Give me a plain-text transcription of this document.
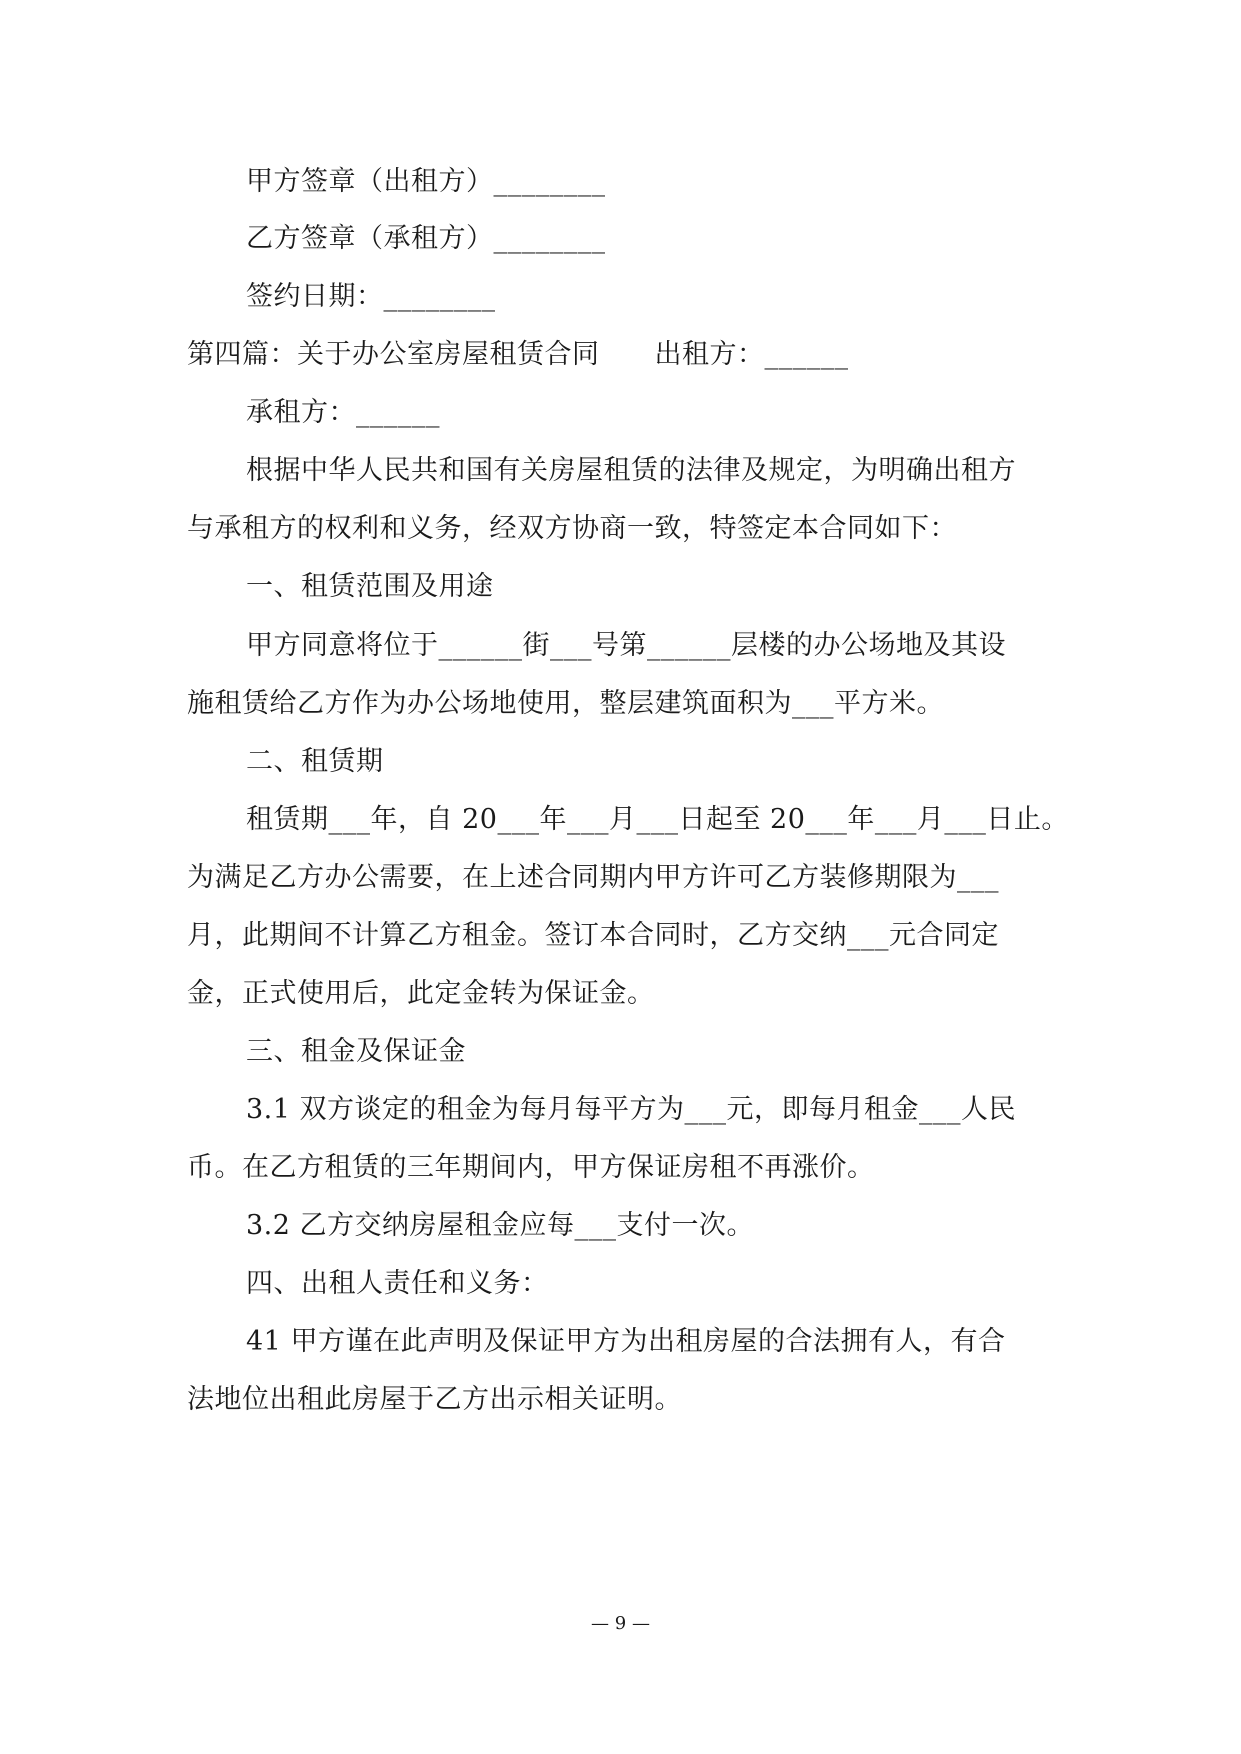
甲方签章（出租方）________
乙方签章（承租方）________
签约日期：________
第四篇：关于办公室房屋租赁合同　　出租方：______
承租方：______
根据中华人民共和国有关房屋租赁的法律及规定，为明确出租方
与承租方的权利和义务，经双方协商一致，特签定本合同如下：
一、租赁范围及用途
甲方同意将位于______街___号第______层楼的办公场地及其设
施租赁给乙方作为办公场地使用，整层建筑面积为___平方米。
二、租赁期
租赁期___年，自 20___年___月___日起至 20___年___月___日止。
为满足乙方办公需要，在上述合同期内甲方许可乙方装修期限为___
月，此期间不计算乙方租金。签订本合同时，乙方交纳___元合同定
金，正式使用后，此定金转为保证金。
三、租金及保证金
3.1 双方谈定的租金为每月每平方为___元，即每月租金___人民
币。在乙方租赁的三年期间内，甲方保证房租不再涨价。
3.2 乙方交纳房屋租金应每___支付一次。
四、出租人责任和义务：
41 甲方谨在此声明及保证甲方为出租房屋的合法拥有人，有合
法地位出租此房屋于乙方出示相关证明。
— 9 —
